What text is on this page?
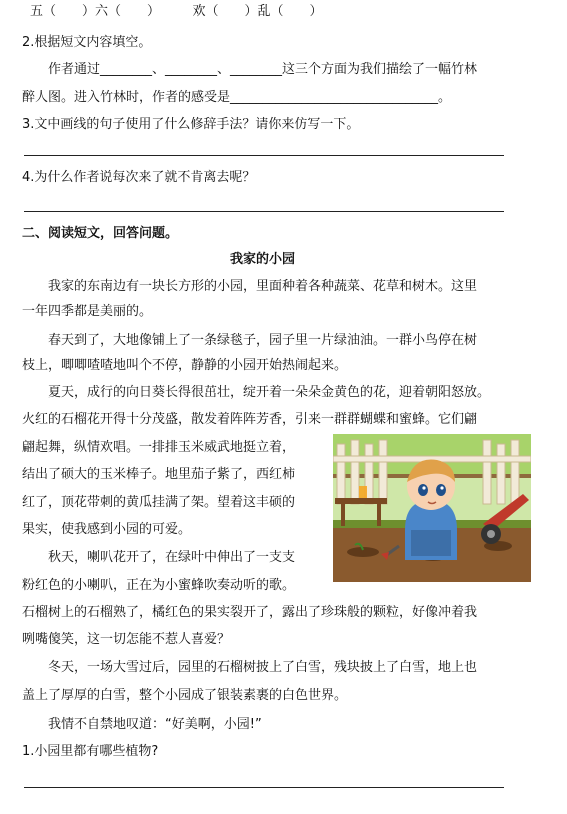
五（　　）六（　　）　　　欢（　　）乱（　　）
2.根据短文内容填空。
作者通过________、________、________这三个方面为我们描绘了一幅竹林
醉人图。进入竹林时，作者的感受是________________________________。
3.文中画线的句子使用了什么修辞手法？请你来仿写一下。
4.为什么作者说每次来了就不肯离去呢？
二、阅读短文，回答问题。
我家的小园
我家的东南边有一块长方形的小园，里面种着各种蔬菜、花草和树木。这里
一年四季都是美丽的。
春天到了，大地像铺上了一条绿毯子，园子里一片绿油油。一群小鸟停在树
枝上，唧唧喳喳地叫个不停，静静的小园开始热闹起来。
夏天，成行的向日葵长得很茁壮，绽开着一朵朵金黄色的花，迎着朝阳怒放。
火红的石榴花开得十分茂盛，散发着阵阵芳香，引来一群群蝴蝶和蜜蜂。它们翩
翩起舞，纵情欢唱。一排排玉米威武地挺立着，
结出了硕大的玉米棒子。地里茄子紫了，西红柿
红了，顶花带刺的黄瓜挂满了架。望着这丰硕的
果实，使我感到小园的可爱。
秋天，喇叭花开了，在绿叶中伸出了一支支
粉红色的小喇叭，正在为小蜜蜂吹奏动听的歌。
石榴树上的石榴熟了，橘红色的果实裂开了，露出了珍珠般的颗粒，好像冲着我
咧嘴傻笑，这一切怎能不惹人喜爱？
冬天，一场大雪过后，园里的石榴树披上了白雪，残块披上了白雪，地上也
盖上了厚厚的白雪，整个小园成了银装素裹的白色世界。
我情不自禁地叹道：“好美啊，小园!”
1.小园里都有哪些植物?
